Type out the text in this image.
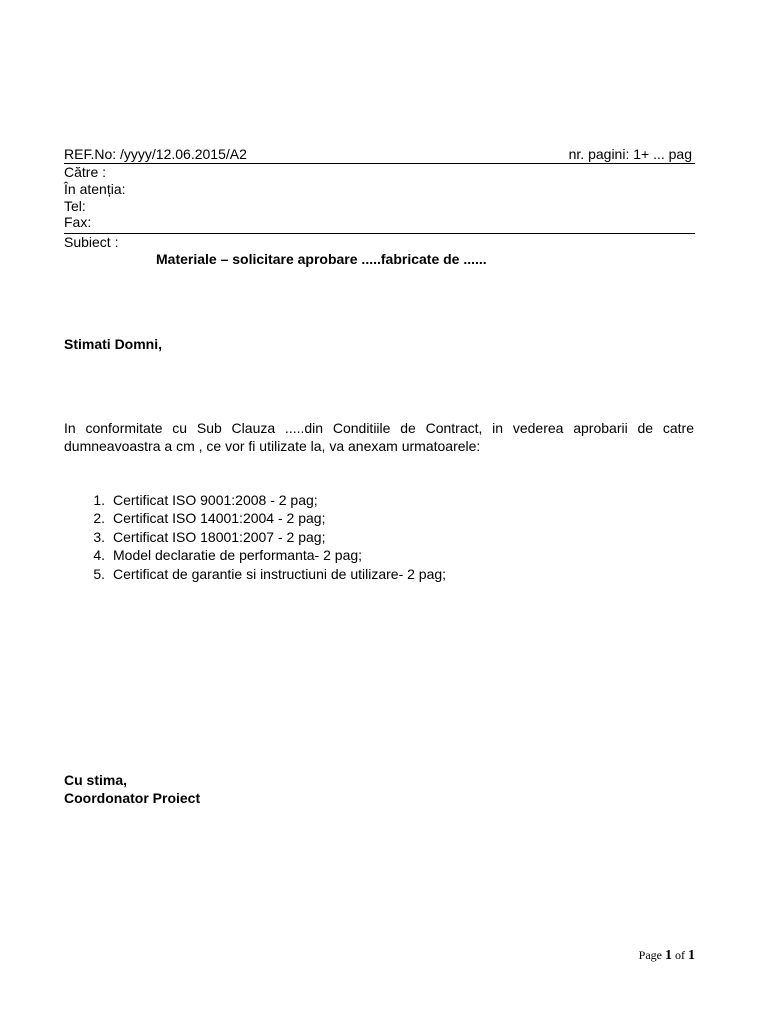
REF.No: /yyyy/12.06.2015/A2	nr. pagini: 1+ ... pag
Către :
În atenția:
Tel:
Fax:
Subiect :
Materiale – solicitare aprobare .....fabricate de ......
Stimati Domni,
In conformitate cu Sub Clauza .....din Conditiile de Contract, in vederea aprobarii de catre dumneavoastra a cm , ce vor fi utilizate la, va anexam urmatoarele:
1. Certificat ISO 9001:2008 - 2 pag;
2. Certificat ISO 14001:2004 - 2 pag;
3. Certificat ISO 18001:2007 - 2 pag;
4. Model declaratie de performanta- 2 pag;
5. Certificat de garantie si instructiuni de utilizare- 2 pag;
Cu stima,
Coordonator Proiect
Page 1 of 1
